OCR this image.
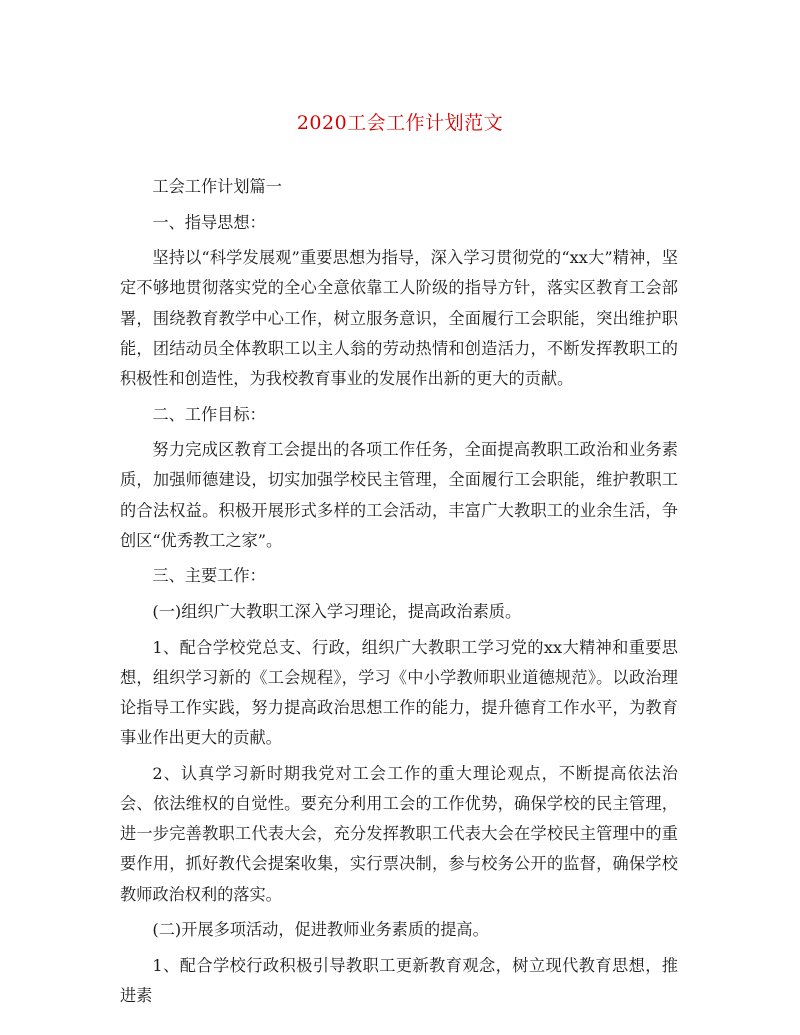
2020工会工作计划范文

工会工作计划篇一

一、指导思想：

坚持以“科学发展观”重要思想为指导，深入学习贯彻党的“xx大”精神，坚定不够地贯彻落实党的全心全意依靠工人阶级的指导方针，落实区教育工会部署，围绕教育教学中心工作，树立服务意识，全面履行工会职能，突出维护职能，团结动员全体教职工以主人翁的劳动热情和创造活力，不断发挥教职工的积极性和创造性，为我校教育事业的发展作出新的更大的贡献。

二、工作目标：

努力完成区教育工会提出的各项工作任务，全面提高教职工政治和业务素质，加强师德建设，切实加强学校民主管理，全面履行工会职能，维护教职工的合法权益。积极开展形式多样的工会活动，丰富广大教职工的业余生活，争创区“优秀教工之家”。

三、主要工作：

(一)组织广大教职工深入学习理论，提高政治素质。

1、配合学校党总支、行政，组织广大教职工学习党的xx大精神和重要思想，组织学习新的《工会规程》，学习《中小学教师职业道德规范》。以政治理论指导工作实践，努力提高政治思想工作的能力，提升德育工作水平，为教育事业作出更大的贡献。

2、认真学习新时期我党对工会工作的重大理论观点，不断提高依法治会、依法维权的自觉性。要充分利用工会的工作优势，确保学校的民主管理，进一步完善教职工代表大会，充分发挥教职工代表大会在学校民主管理中的重要作用，抓好教代会提案收集，实行票决制，参与校务公开的监督，确保学校教师政治权利的落实。

(二)开展多项活动，促进教师业务素质的提高。

1、配合学校行政积极引导教职工更新教育观念，树立现代教育思想，推进素
